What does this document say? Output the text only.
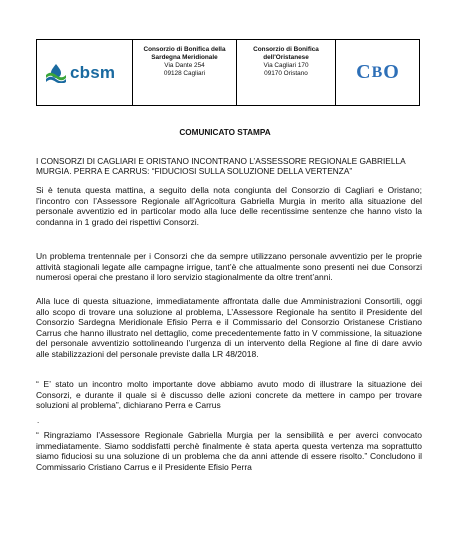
cbsm
Consorzio di Bonifica della
Sardegna Meridionale
Via Dante 254
09128 Cagliari
Consorzio di Bonifica
dell'Oristanese
Via Cagliari 170
09170 Oristano	C B O
COMUNICATO STAMPA

I CONSORZI DI CAGLIARI E ORISTANO INCONTRANO L’ASSESSORE REGIONALE GABRIELLA MURGIA. PERRA E CARRUS: “FIDUCIOSI SULLA SOLUZIONE DELLA VERTENZA”

Si è tenuta questa mattina, a seguito della nota congiunta del Consorzio di Cagliari e Oristano; l’incontro con l’Assessore Regionale all’Agricoltura Gabriella Murgia in merito alla situazione del personale avventizio ed in particolar modo alla luce delle recentissime sentenze che hanno visto la condanna in 1 grado dei rispettivi Consorzi.

Un problema trentennale per i Consorzi che da sempre utilizzano personale avventizio per le proprie attività stagionali legate alle campagne irrigue, tant’è che attualmente sono presenti nei due Consorzi numerosi operai che prestano il loro servizio stagionalmente da oltre trent’anni.

Alla luce di questa situazione, immediatamente affrontata dalle due Amministrazioni Consortili, oggi allo scopo di trovare una soluzione al problema, L’Assessore Regionale ha sentito il Presidente del Consorzio Sardegna Meridionale Efisio Perra e il Commissario del Consorzio Oristanese Cristiano Carrus che hanno illustrato nel dettaglio, come precedentemente fatto in V commissione, la situazione del personale avventizio sottolineando l’urgenza di un intervento della Regione al fine di dare avvio alle stabilizzazioni del personale previste dalla LR 48/2018.

“ E’ stato un incontro molto importante dove abbiamo avuto modo di illustrare la situazione dei Consorzi, e durante il quale si è discusso delle azioni concrete da mettere in campo per trovare soluzioni al problema”, dichiarano Perra e Carrus

.

“ Ringraziamo l’Assessore Regionale Gabriella Murgia per la sensibilità e per averci convocato immediatamente. Siamo soddisfatti perchè finalmente è stata aperta questa vertenza ma soprattutto siamo fiduciosi su una soluzione di un problema che da anni attende di essere risolto.” Concludono il Commissario Cristiano Carrus e il Presidente Efisio Perra
